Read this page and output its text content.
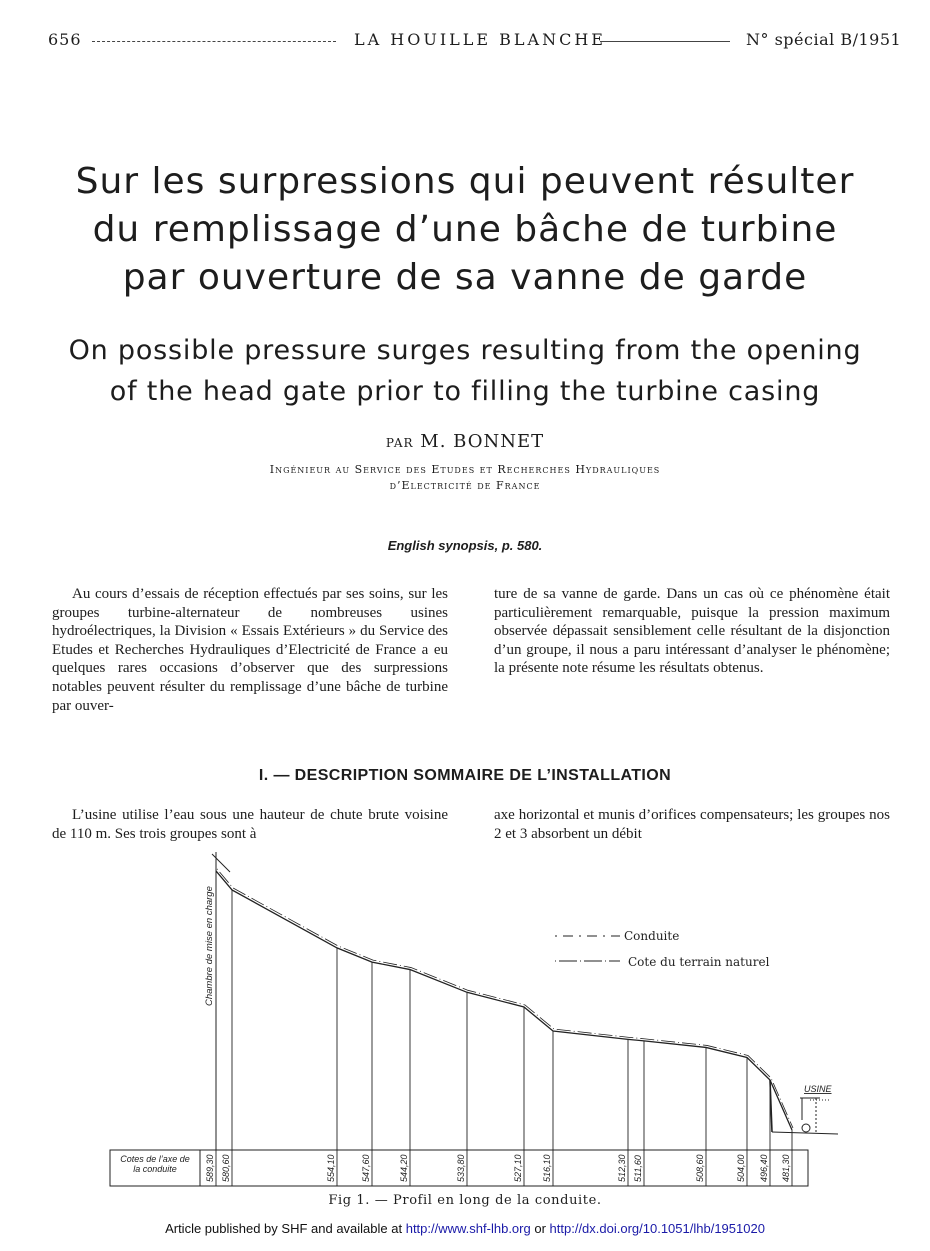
656	LA HOUILLE BLANCHE	N° spécial B/1951
Sur les surpressions qui peuvent résulter
du remplissage d’une bâche de turbine
par ouverture de sa vanne de garde
On possible pressure surges resulting from the opening
of the head gate prior to filling the turbine casing
PAR M. BONNET
Ingénieur au Service des Etudes et Recherches Hydrauliques
d’Electricité de France
English synopsis, p. 580.
Au cours d’essais de réception effectués par ses soins, sur les groupes turbine-alternateur de nombreuses usines hydroélectriques, la Division « Essais Extérieurs » du Service des Etudes et Recherches Hydrauliques d’Electricité de France a eu quelques rares occasions d’observer que des surpressions notables peuvent résulter du remplissage d’une bâche de turbine par ouver-
ture de sa vanne de garde. Dans un cas où ce phénomène était particulièrement remarquable, puisque la pression maximum observée dépassait sensiblement celle résultant de la disjonction d’un groupe, il nous a paru intéressant d’analyser le phénomène; la présente note résume les résultats obtenus.
I. — DESCRIPTION SOMMAIRE DE L’INSTALLATION
L’usine utilise l’eau sous une hauteur de chute brute voisine de 110 m. Ses trois groupes sont à
axe horizontal et munis d’orifices compensateurs; les groupes nos 2 et 3 absorbent un débit
589,30 580,60	554,10	547,60	544,20	533,80	527,10 516,10	512,30 511,60	508,60	504,00 496,40 481,30
Chambre de mise en charge	Conduite
Cote du terrain naturel
USINE
Cotes de l’axe de
la conduite
Fig 1. — Profil en long de la conduite.
Article published by SHF and available at http://www.shf-lhb.org or http://dx.doi.org/10.1051/lhb/1951020
